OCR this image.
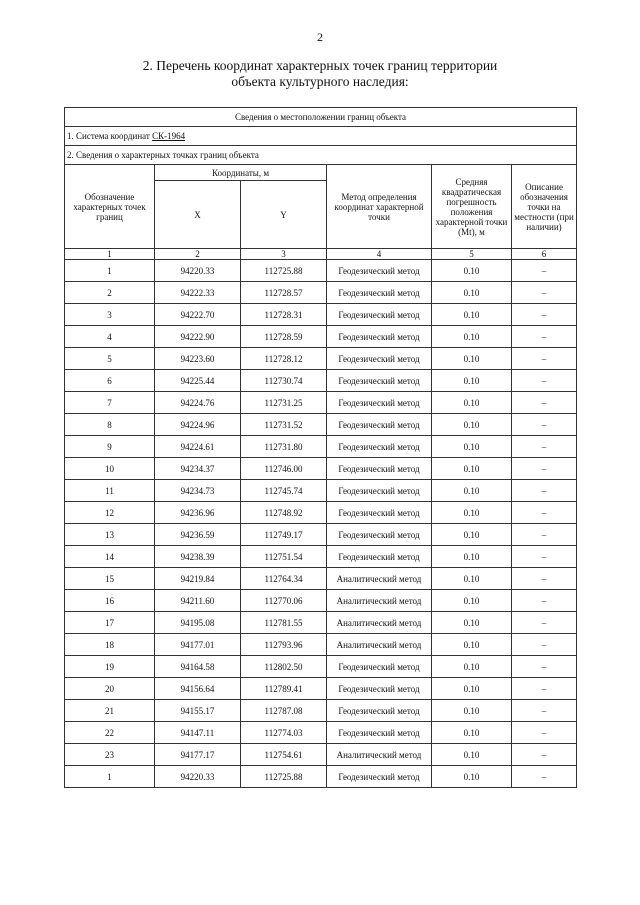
2
2. Перечень координат характерных точек границ территории
объекта культурного наследия:
Сведения о местоположении границ объекта					
1. Система координат СК-1964					
2. Сведения о характерных точках границ объекта					
Обозначение характерных точек границ	Координаты, м		Метод определения координат характерной точки	Средняя квадратическая погрешность положения характерной точки (Mt), м	Описание обозначения точки на местности (при наличии)
	X	Y			
1	2	3	4	5	6
1	94220.33	112725.88	Геодезический метод	0.10	–
2	94222.33	112728.57	Геодезический метод	0.10	–
3	94222.70	112728.31	Геодезический метод	0.10	–
4	94222.90	112728.59	Геодезический метод	0.10	–
5	94223.60	112728.12	Геодезический метод	0.10	–
6	94225.44	112730.74	Геодезический метод	0.10	–
7	94224.76	112731.25	Геодезический метод	0.10	–
8	94224.96	112731.52	Геодезический метод	0.10	–
9	94224.61	112731.80	Геодезический метод	0.10	–
10	94234.37	112746.00	Геодезический метод	0.10	–
11	94234.73	112745.74	Геодезический метод	0.10	–
12	94236.96	112748.92	Геодезический метод	0.10	–
13	94236.59	112749.17	Геодезический метод	0.10	–
14	94238.39	112751.54	Геодезический метод	0.10	–
15	94219.84	112764.34	Аналитический метод	0.10	–
16	94211.60	112770.06	Аналитический метод	0.10	–
17	94195.08	112781.55	Аналитический метод	0.10	–
18	94177.01	112793.96	Аналитический метод	0.10	–
19	94164.58	112802.50	Геодезический метод	0.10	–
20	94156.64	112789.41	Геодезический метод	0.10	–
21	94155.17	112787.08	Геодезический метод	0.10	–
22	94147.11	112774.03	Геодезический метод	0.10	–
23	94177.17	112754.61	Аналитический метод	0.10	–
1	94220.33	112725.88	Геодезический метод	0.10	–
